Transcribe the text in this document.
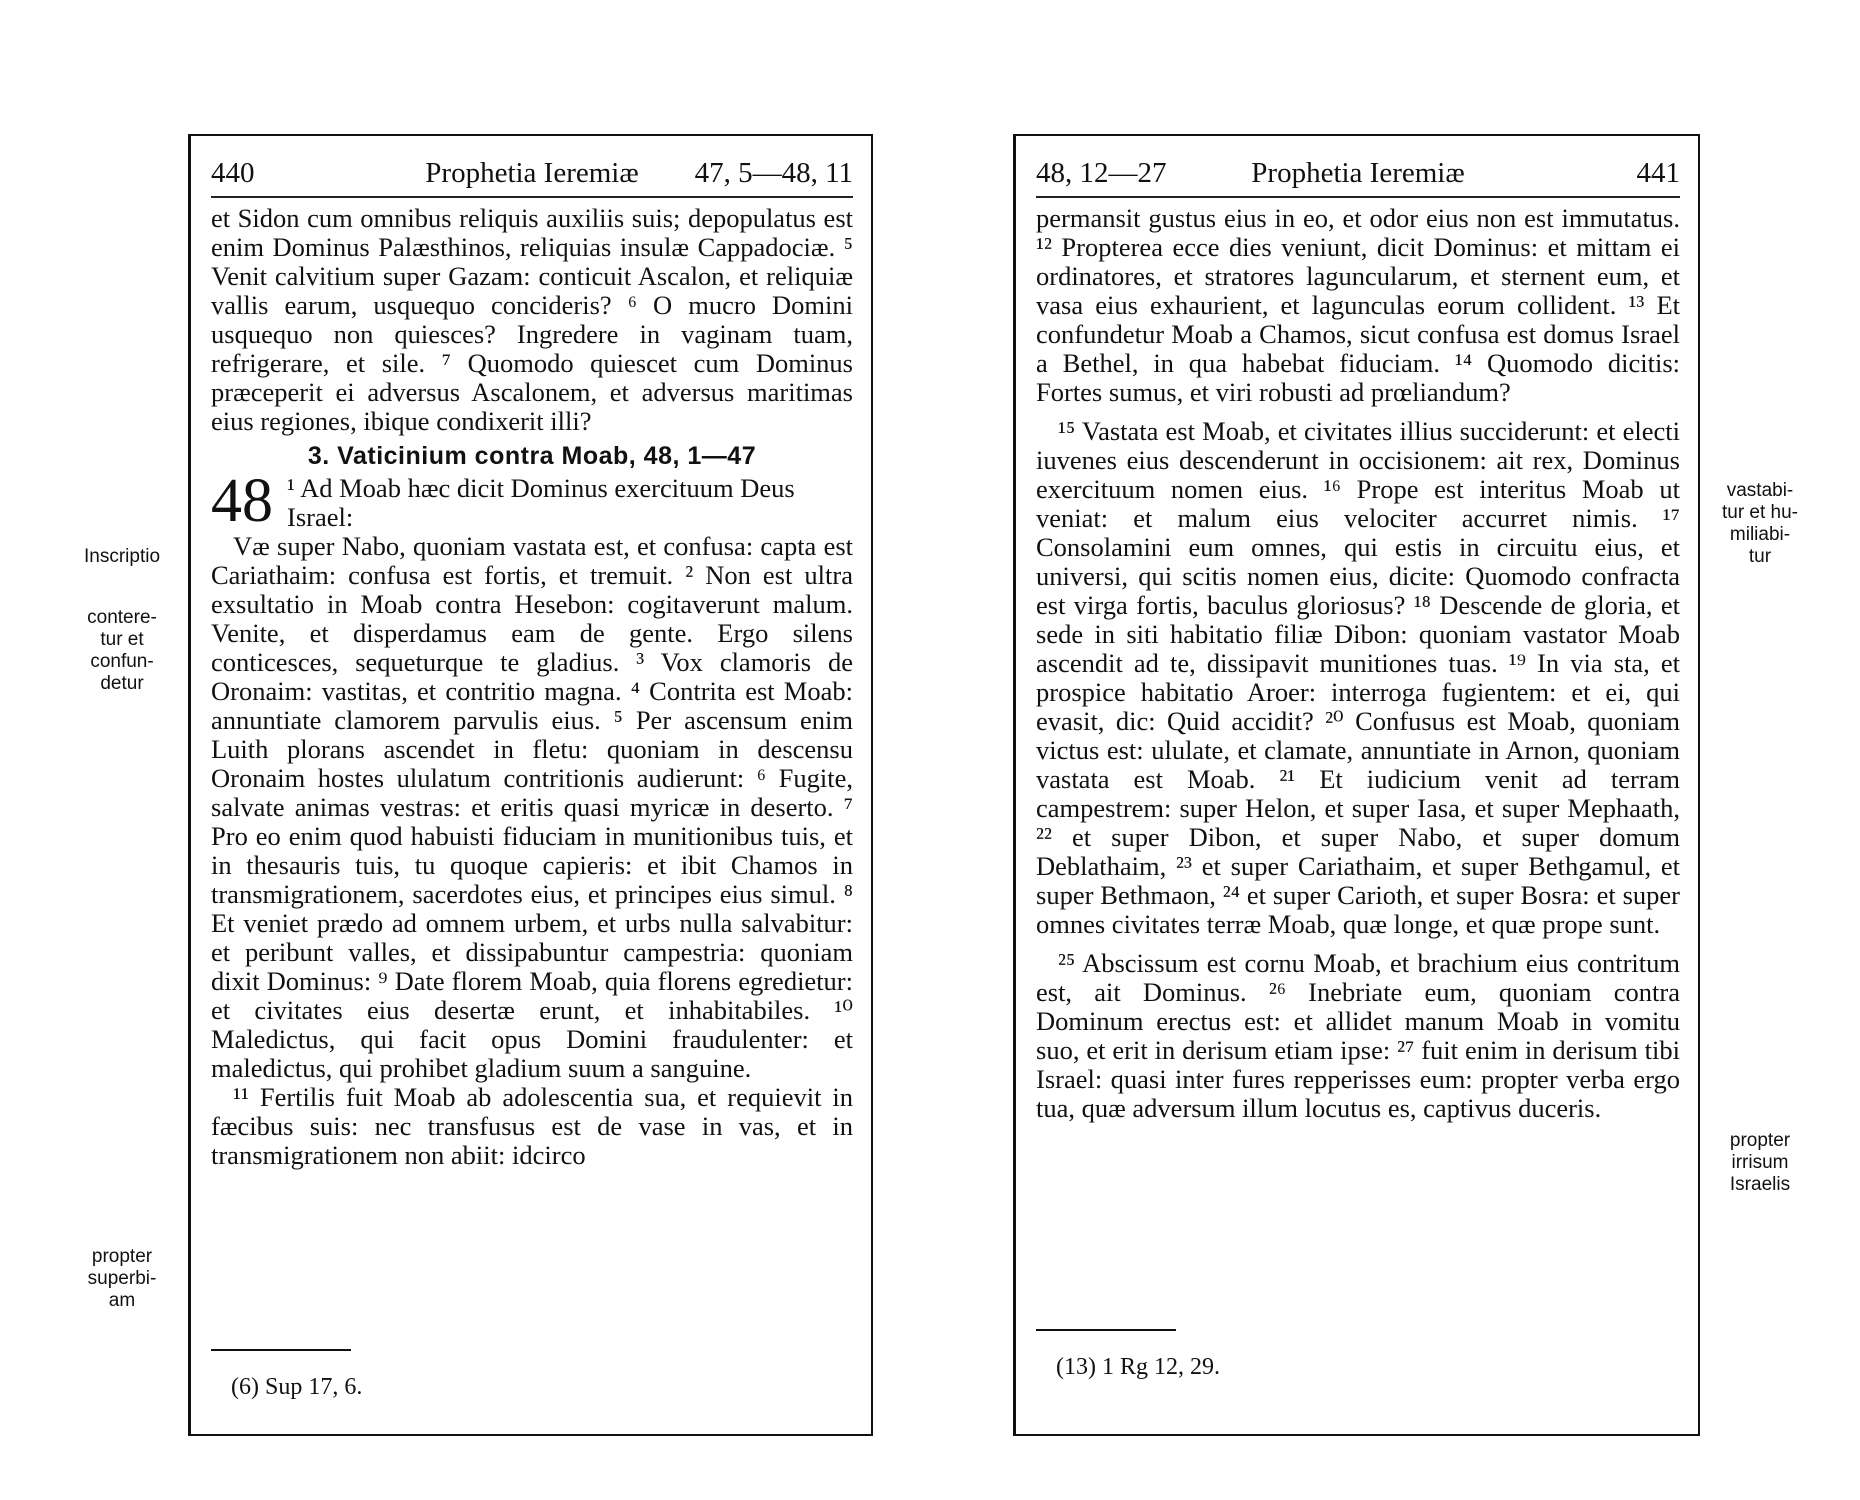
440	Prophetia Ieremiæ 47, 5—48, 11

et Sidon cum omnibus reliquis auxiliis suis; depopulatus est enim Dominus Palæsthinos, reliquias insulæ Cappadociæ. ⁵ Venit calvitium super Gazam: conticuit Ascalon, et reliquiæ vallis earum, usquequo concideris? ⁶ O mucro Domini usquequo non quiesces? Ingredere in vaginam tuam, refrigerare, et sile. ⁷ Quomodo quiescet cum Dominus præceperit ei adversus Ascalonem, et adversus maritimas eius regiones, ibique condixerit illi?

3. Vaticinium contra Moab, 48, 1—47
48 ¹ Ad Moab hæc dicit Dominus exercituum Deus Israel:

Væ super Nabo, quoniam vastata est, et confusa: capta est Cariathaim: confusa est fortis, et tremuit. ² Non est ultra exsultatio in Moab contra Hesebon: cogitaverunt malum. Venite, et disperdamus eam de gente. Ergo silens conticesces, sequeturque te gladius. ³ Vox clamoris de Oronaim: vastitas, et contritio magna. ⁴ Contrita est Moab: annuntiate clamorem parvulis eius. ⁵ Per ascensum enim Luith plorans ascendet in fletu: quoniam in descensu Oronaim hostes ululatum contritionis audierunt: ⁶ Fugite, salvate animas vestras: et eritis quasi myricæ in deserto. ⁷ Pro eo enim quod habuisti fiduciam in munitionibus tuis, et in thesauris tuis, tu quoque capieris: et ibit Chamos in transmigrationem, sacerdotes eius, et principes eius simul. ⁸ Et veniet prædo ad omnem urbem, et urbs nulla salvabitur: et peribunt valles, et dissipabuntur campestria: quoniam dixit Dominus: ⁹ Date florem Moab, quia florens egredietur: et civitates eius desertæ erunt, et inhabitabiles. ¹⁰ Maledictus, qui facit opus Domini fraudulenter: et maledictus, qui prohibet gladium suum a sanguine.

¹¹ Fertilis fuit Moab ab adolescentia sua, et requievit in fæcibus suis: nec transfusus est de vase in vas, et in transmigrationem non abiit: idcirco

(6) Sup 17, 6.
48, 12—27	Prophetia Ieremiæ	441

permansit gustus eius in eo, et odor eius non est immutatus. ¹² Propterea ecce dies veniunt, dicit Dominus: et mittam ei ordinatores, et stratores laguncularum, et sternent eum, et vasa eius exhaurient, et lagunculas eorum collident. ¹³ Et confundetur Moab a Chamos, sicut confusa est domus Israel a Bethel, in qua habebat fiduciam. ¹⁴ Quomodo dicitis: Fortes sumus, et viri robusti ad prœliandum?

¹⁵ Vastata est Moab, et civitates illius succiderunt: et electi iuvenes eius descenderunt in occisionem: ait rex, Dominus exercituum nomen eius. ¹⁶ Prope est interitus Moab ut veniat: et malum eius velociter accurret nimis. ¹⁷ Consolamini eum omnes, qui estis in circuitu eius, et universi, qui scitis nomen eius, dicite: Quomodo confracta est virga fortis, baculus gloriosus? ¹⁸ Descende de gloria, et sede in siti habitatio filiæ Dibon: quoniam vastator Moab ascendit ad te, dissipavit munitiones tuas. ¹⁹ In via sta, et prospice habitatio Aroer: interroga fugientem: et ei, qui evasit, dic: Quid accidit? ²⁰ Confusus est Moab, quoniam victus est: ululate, et clamate, annuntiate in Arnon, quoniam vastata est Moab. ²¹ Et iudicium venit ad terram campestrem: super Helon, et super Iasa, et super Mephaath, ²² et super Dibon, et super Nabo, et super domum Deblathaim, ²³ et super Cariathaim, et super Bethgamul, et super Bethmaon, ²⁴ et super Carioth, et super Bosra: et super omnes civitates terræ Moab, quæ longe, et quæ prope sunt.

²⁵ Abscissum est cornu Moab, et brachium eius contritum est, ait Dominus. ²⁶ Inebriate eum, quoniam contra Dominum erectus est: et allidet manum Moab in vomitu suo, et erit in derisum etiam ipse: ²⁷ fuit enim in derisum tibi Israel: quasi inter fures repperisses eum: propter verba ergo tua, quæ adversum illum locutus es, captivus duceris.

(13) 1 Rg 12, 29.
Inscriptio
contere-
tur et
confun-
detur
propter
superbi-
am
vastabi-
tur et hu-
miliabi-
tur
propter
irrisum
Israelis
